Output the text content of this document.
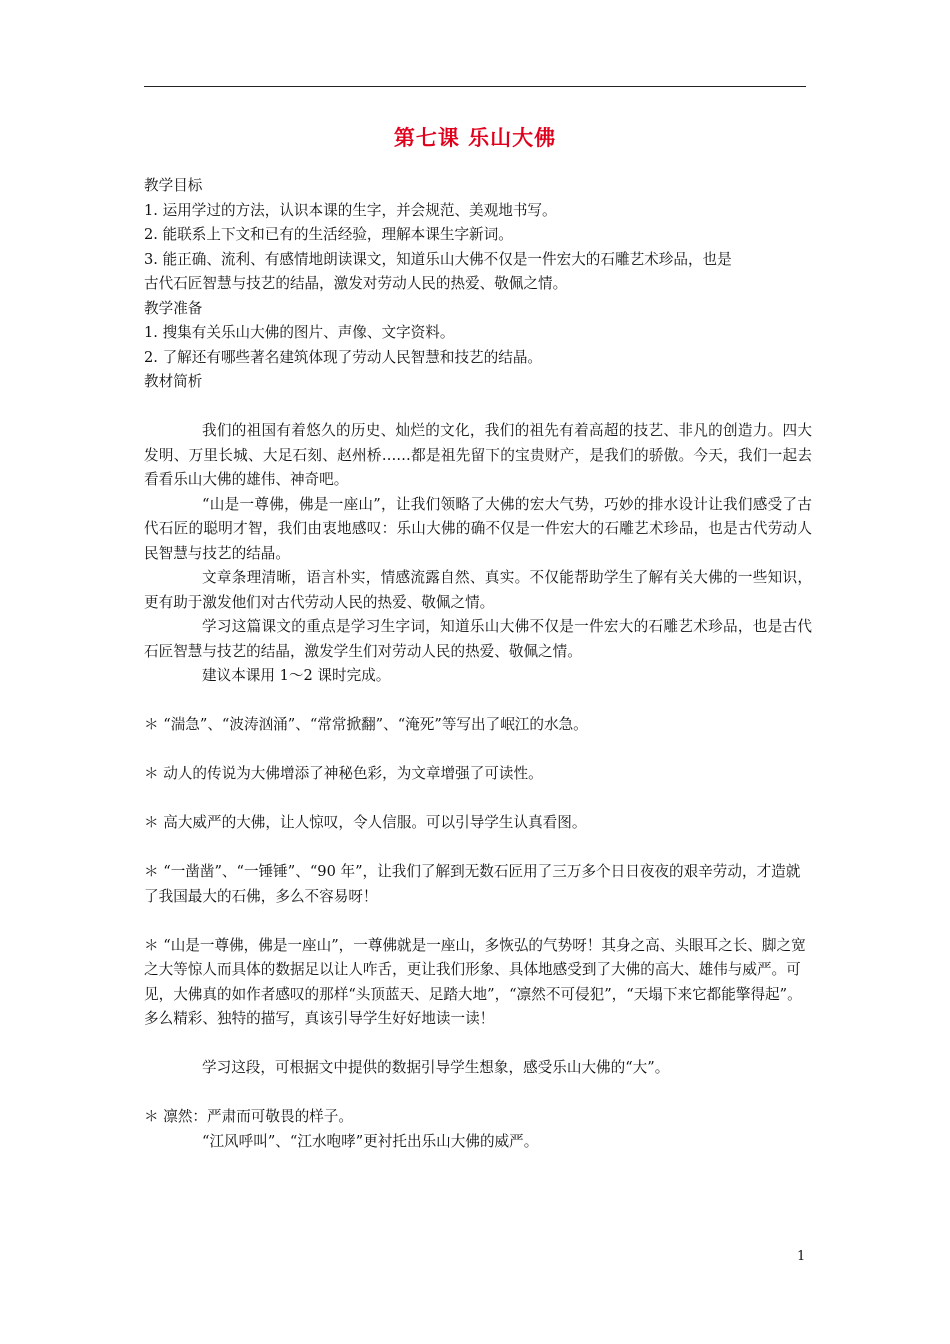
第七课 乐山大佛
教学目标
1. 运用学过的方法，认识本课的生字，并会规范、美观地书写。
2. 能联系上下文和已有的生活经验，理解本课生字新词。
3. 能正确、流利、有感情地朗读课文，知道乐山大佛不仅是一件宏大的石雕艺术珍品，也是
古代石匠智慧与技艺的结晶，激发对劳动人民的热爱、敬佩之情。
教学准备
1. 搜集有关乐山大佛的图片、声像、文字资料。
2. 了解还有哪些著名建筑体现了劳动人民智慧和技艺的结晶。
教材简析
我们的祖国有着悠久的历史、灿烂的文化，我们的祖先有着高超的技艺、非凡的创造力。四大发明、万里长城、大足石刻、赵州桥……都是祖先留下的宝贵财产，是我们的骄傲。今天，我们一起去看看乐山大佛的雄伟、神奇吧。
“山是一尊佛，佛是一座山”，让我们领略了大佛的宏大气势，巧妙的排水设计让我们感受了古代石匠的聪明才智，我们由衷地感叹：乐山大佛的确不仅是一件宏大的石雕艺术珍品，也是古代劳动人民智慧与技艺的结晶。
文章条理清晰，语言朴实，情感流露自然、真实。不仅能帮助学生了解有关大佛的一些知识，更有助于激发他们对古代劳动人民的热爱、敬佩之情。
学习这篇课文的重点是学习生字词，知道乐山大佛不仅是一件宏大的石雕艺术珍品，也是古代石匠智慧与技艺的结晶，激发学生们对劳动人民的热爱、敬佩之情。
建议本课用 1～2 课时完成。
＊ “湍急”、“波涛汹涌”、“常常掀翻”、“淹死”等写出了岷江的水急。
＊ 动人的传说为大佛增添了神秘色彩，为文章增强了可读性。
＊ 高大威严的大佛，让人惊叹，令人信服。可以引导学生认真看图。
＊ “一凿凿”、“一锤锤”、“90 年”，让我们了解到无数石匠用了三万多个日日夜夜的艰辛劳动，才造就了我国最大的石佛，多么不容易呀！
＊ “山是一尊佛，佛是一座山”，一尊佛就是一座山，多恢弘的气势呀！其身之高、头眼耳之长、脚之宽之大等惊人而具体的数据足以让人咋舌，更让我们形象、具体地感受到了大佛的高大、雄伟与威严。可见，大佛真的如作者感叹的那样“头顶蓝天、足踏大地”，“凛然不可侵犯”，“天塌下来它都能擎得起”。多么精彩、独特的描写，真该引导学生好好地读一读！
学习这段，可根据文中提供的数据引导学生想象，感受乐山大佛的“大”。
＊ 凛然：严肃而可敬畏的样子。
“江风呼叫”、“江水咆哮”更衬托出乐山大佛的威严。
1
